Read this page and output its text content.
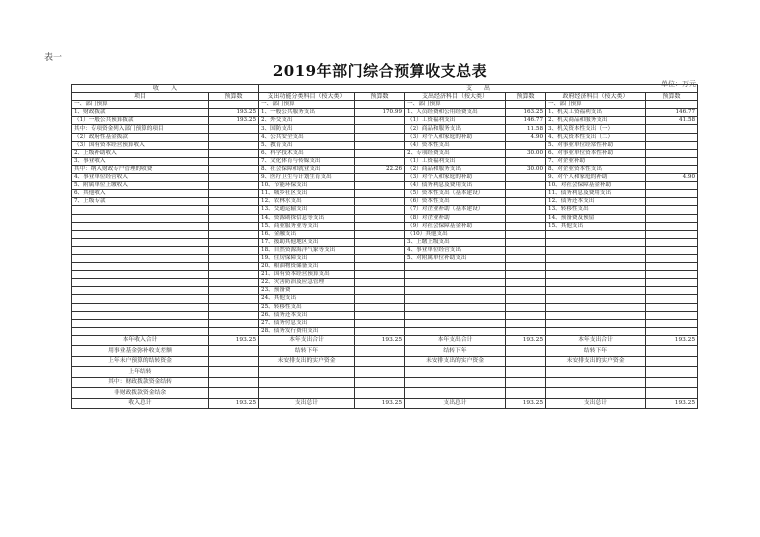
表一
2019年部门综合预算收支总表
单位：万元
收　　入		支　　出					
项目	预算数	支出功能分类科目（按大类）	预算数	支出经济科目（按大类）	预算数	政府经济科目（按大类）	预算数
一、部门预算		一、部门预算		一、部门预算		一、部门预算	
1、财政拨款	193.25	1、一般公共服务支出	170.99	1、人员经费和公用经费支出	163.25	1、机关工资福利支出	146.77
（1）一般公共预算拨款	193.25	2、外交支出		（1）工资福利支出	146.77	2、机关商品和服务支出	41.58
其中：专项资金列入部门预算的项目		3、国防支出		（2）商品和服务支出	11.58	3、机关资本性支出（一）	
（2）政府性基金拨款		4、公共安全支出		（3）对个人和家庭的补助	4.90	4、机关资本性支出（二）	
（3）国有资本经营预算收入		5、教育支出		（4）资本性支出		5、对事业单位经常性补助	
2、上级补助收入		6、科学技术支出		2、专项经费支出	30.00	6、对事业单位资本性补助	
3、事业收入		7、文化体育与传媒支出		（1）工资福利支出		7、对企业补助	
其中：纳入财政专户管理的收费		8、社会保障和就业支出	22.26	（2）商品和服务支出	30.00	8、对企业资本性支出	
4、事业单位经营收入		9、医疗卫生与计划生育支出		（3）对个人和家庭的补助		9、对个人和家庭的补助	4.90
5、附属单位上缴收入		10、节能环保支出		（4）债务利息及费用支出		10、对社会保障基金补助	
6、其他收入		11、城乡社区支出		（5）资本性支出（基本建设）		11、债务利息及费用支出	
7、上级专款		12、农林水支出		（6）资本性支出		12、债务还本支出	
		13、交通运输支出		（7）对企业补助（基本建设）		13、转移性支出	
		14、资源勘探信息等支出		（8）对企业补助		14、预备费及预留	
		15、商业服务业等支出		（9）对社会保障基金补助		15、其他支出	
		16、金融支出		（10）其他支出			
		17、援助其他地区支出		3、上缴上级支出			
		18、自然资源海洋气象等支出		4、事业单位经营支出			
		19、住房保障支出		5、对附属单位补助支出			
		20、粮油物资储备支出					
		21、国有资本经营预算支出					
		22、灾害防治及应急管理					
		23、预备费					
		24、其他支出					
		25、转移性支出					
		26、债务还本支出					
		27、债务付息支出					
		28、债务发行费用支出					
本年收入合计	193.25	本年支出合计	193.25	本年支出合计	193.25	本年支出合计	193.25
用事业基金弥补收支差额		结转下年		结转下年		结转下年	
上年未户预算的结转资金		未安排支出的实户资金		未安排支出的实户资金		未安排支出的实户资金	
上年结转							
其中：财政拨款资金结转							
非财政拨款资金结余							
收入总计	193.25	支出总计	193.25	支出总计	193.25	支出总计	193.25
